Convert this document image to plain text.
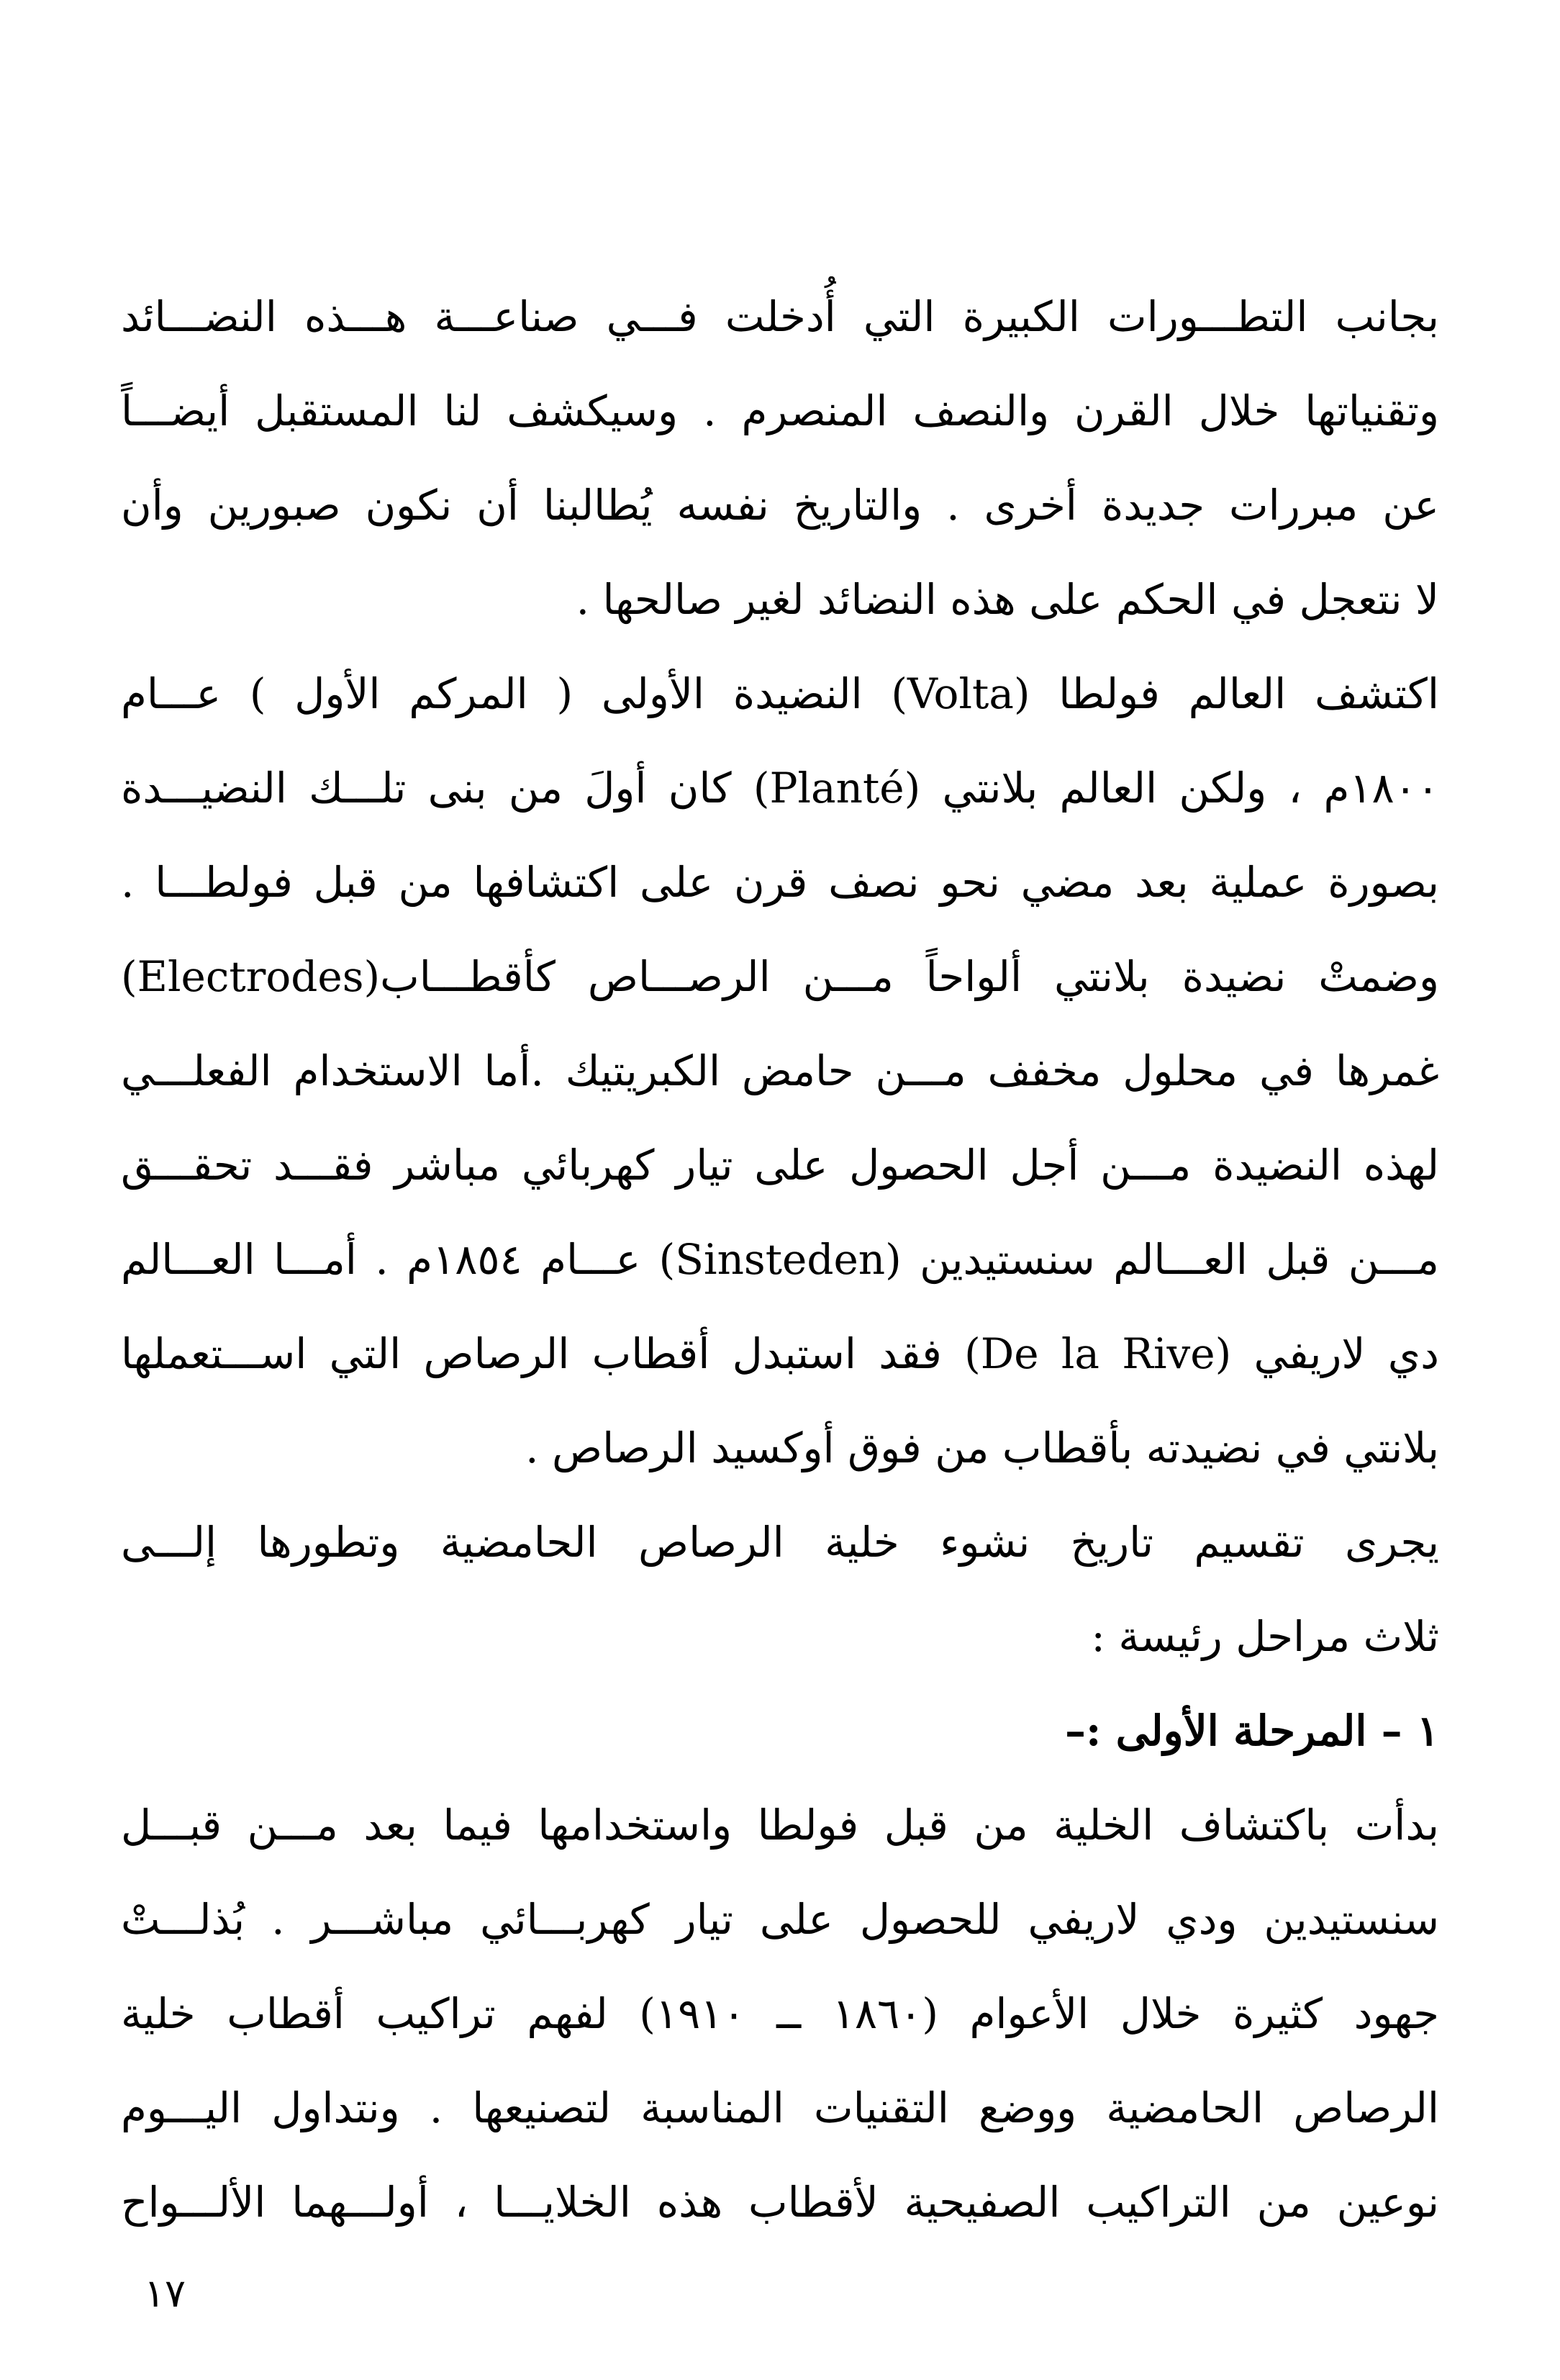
بجانب التطـــورات الكبيرة التي أُدخلت فـــي صناعـــة هـــذه النضـــائد
وتقنياتها خلال القرن والنصف المنصرم . وسيكشف لنا المستقبل أيضـــاً
عن مبررات جديدة أخرى . والتاريخ نفسه يُطالبنا أن نكون صبورين وأن
لا نتعجل في الحكم على هذه النضائد لغير صالحها .
اكتشف العالم فولطا (Volta) النضيدة الأولى ( المركم الأول ) عـــام
١٨٠٠م ، ولكن العالم بلانتي (Planté) كان أولَ من بنى تلـــك النضيـــدة
بصورة عملية بعد مضي نحو نصف قرن على اكتشافها من قبل فولطـــا .
وضمتْ نضيدة بلانتي ألواحاً مـــن الرصـــاص كأقطـــاب(Electrodes)
غمرها في محلول مخفف مـــن حامض الكبريتيك .أما الاستخدام الفعلـــي
لهذه النضيدة مـــن أجل الحصول على تيار كهربائي مباشر فقـــد تحقـــق
مـــن قبل العـــالم سنستيدين (Sinsteden) عـــام ١٨٥٤م . أمـــا العـــالم
دي لاريفي (De la Rive) فقد استبدل أقطاب الرصاص التي اســـتعملها
بلانتي في نضيدته بأقطاب من فوق أوكسيد الرصاص .
يجرى تقسيم تاريخ نشوء خلية الرصاص الحامضية وتطورها إلـــى
ثلاث مراحل رئيسة :
١ – المرحلة الأولى :–
بدأت باكتشاف الخلية من قبل فولطا واستخدامها فيما بعد مـــن قبـــل
سنستيدين ودي لاريفي للحصول على تيار كهربـــائي مباشـــر . بُذلـــتْ
جهود كثيرة خلال الأعوام (١٨٦٠ ــ ١٩١٠) لفهم تراكيب أقطاب خلية
الرصاص الحامضية ووضع التقنيات المناسبة لتصنيعها . ونتداول اليـــوم
نوعين من التراكيب الصفيحية لأقطاب هذه الخلايـــا ، أولـــهما الألـــواح
١٧
